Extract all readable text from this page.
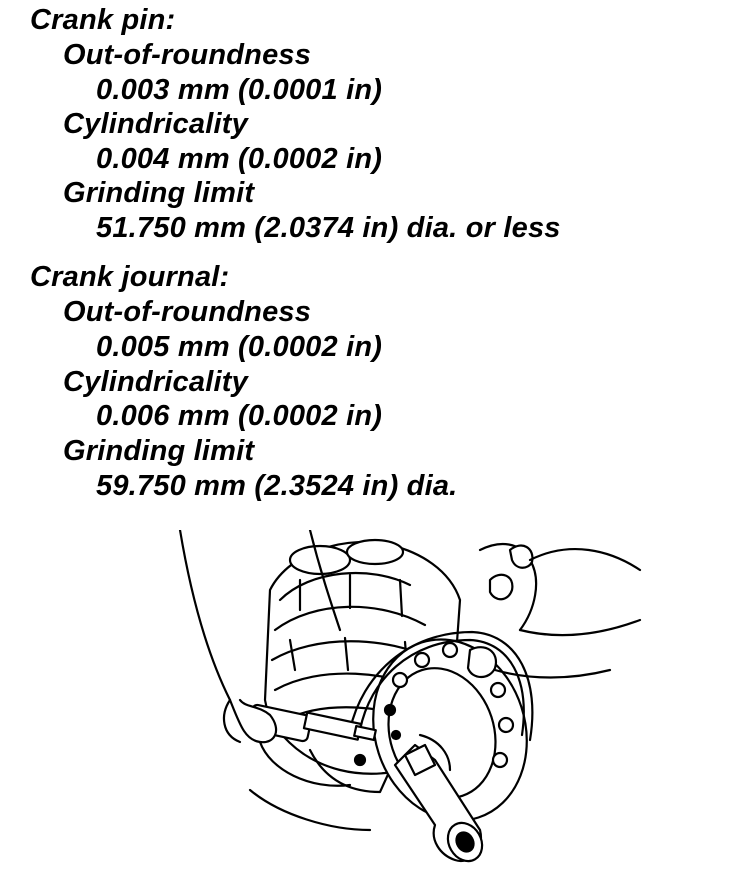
Crank pin:
Out-of-roundness
0.003 mm (0.0001 in)
Cylindricality
0.004 mm (0.0002 in)
Grinding limit
51.750 mm (2.0374 in) dia. or less
Crank journal:
Out-of-roundness
0.005 mm (0.0002 in)
Cylindricality
0.006 mm (0.0002 in)
Grinding limit
59.750 mm (2.3524 in) dia.
